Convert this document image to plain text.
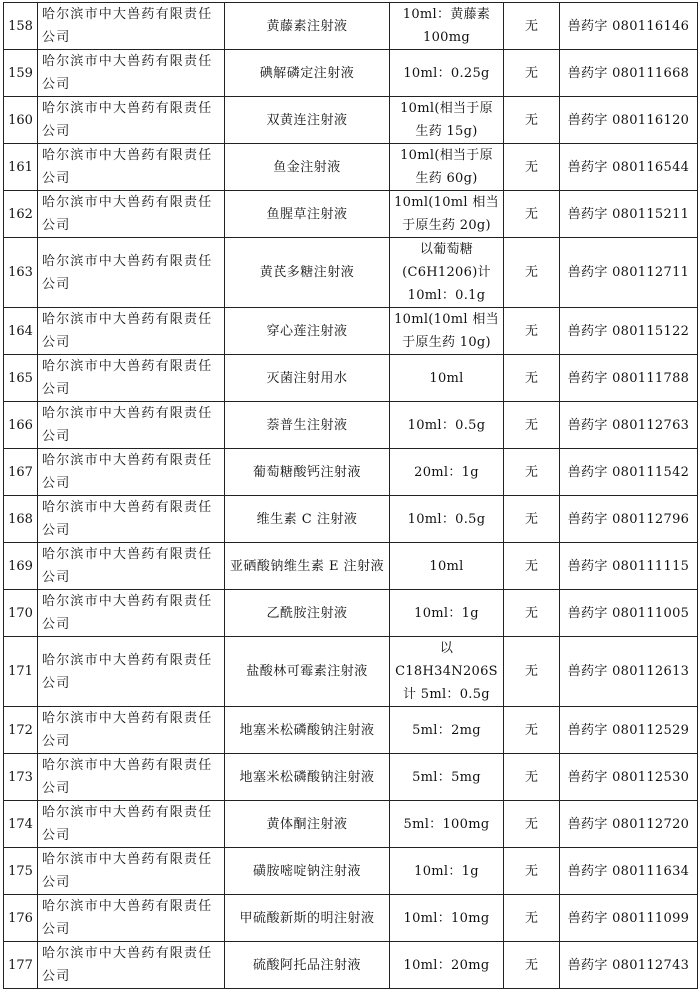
158	哈尔滨市中大兽药有限责任公司	黄藤素注射液	10ml：黄藤素100mg	无	兽药字 080116146
159	哈尔滨市中大兽药有限责任公司	碘解磷定注射液	10ml：0.25g	无	兽药字 080111668
160	哈尔滨市中大兽药有限责任公司	双黄连注射液	10ml(相当于原生药 15g)	无	兽药字 080116120
161	哈尔滨市中大兽药有限责任公司	鱼金注射液	10ml(相当于原生药 60g)	无	兽药字 080116544
162	哈尔滨市中大兽药有限责任公司	鱼腥草注射液	10ml(10ml 相当于原生药 20g)	无	兽药字 080115211
163	哈尔滨市中大兽药有限责任公司	黄芪多糖注射液	以葡萄糖(C6H1206)计10ml：0.1g	无	兽药字 080112711
164	哈尔滨市中大兽药有限责任公司	穿心莲注射液	10ml(10ml 相当于原生药 10g)	无	兽药字 080115122
165	哈尔滨市中大兽药有限责任公司	灭菌注射用水	10ml	无	兽药字 080111788
166	哈尔滨市中大兽药有限责任公司	萘普生注射液	10ml：0.5g	无	兽药字 080112763
167	哈尔滨市中大兽药有限责任公司	葡萄糖酸钙注射液	20ml：1g	无	兽药字 080111542
168	哈尔滨市中大兽药有限责任公司	维生素 C 注射液	10ml：0.5g	无	兽药字 080112796
169	哈尔滨市中大兽药有限责任公司	亚硒酸钠维生素 E 注射液	10ml	无	兽药字 080111115
170	哈尔滨市中大兽药有限责任公司	乙酰胺注射液	10ml：1g	无	兽药字 080111005
171	哈尔滨市中大兽药有限责任公司	盐酸林可霉素注射液	以 C18H34N206S 计 5ml：0.5g	无	兽药字 080112613
172	哈尔滨市中大兽药有限责任公司	地塞米松磷酸钠注射液	5ml：2mg	无	兽药字 080112529
173	哈尔滨市中大兽药有限责任公司	地塞米松磷酸钠注射液	5ml：5mg	无	兽药字 080112530
174	哈尔滨市中大兽药有限责任公司	黄体酮注射液	5ml：100mg	无	兽药字 080112720
175	哈尔滨市中大兽药有限责任公司	磺胺嘧啶钠注射液	10ml：1g	无	兽药字 080111634
176	哈尔滨市中大兽药有限责任公司	甲硫酸新斯的明注射液	10ml：10mg	无	兽药字 080111099
177	哈尔滨市中大兽药有限责任公司	硫酸阿托品注射液	10ml：20mg	无	兽药字 080112743
